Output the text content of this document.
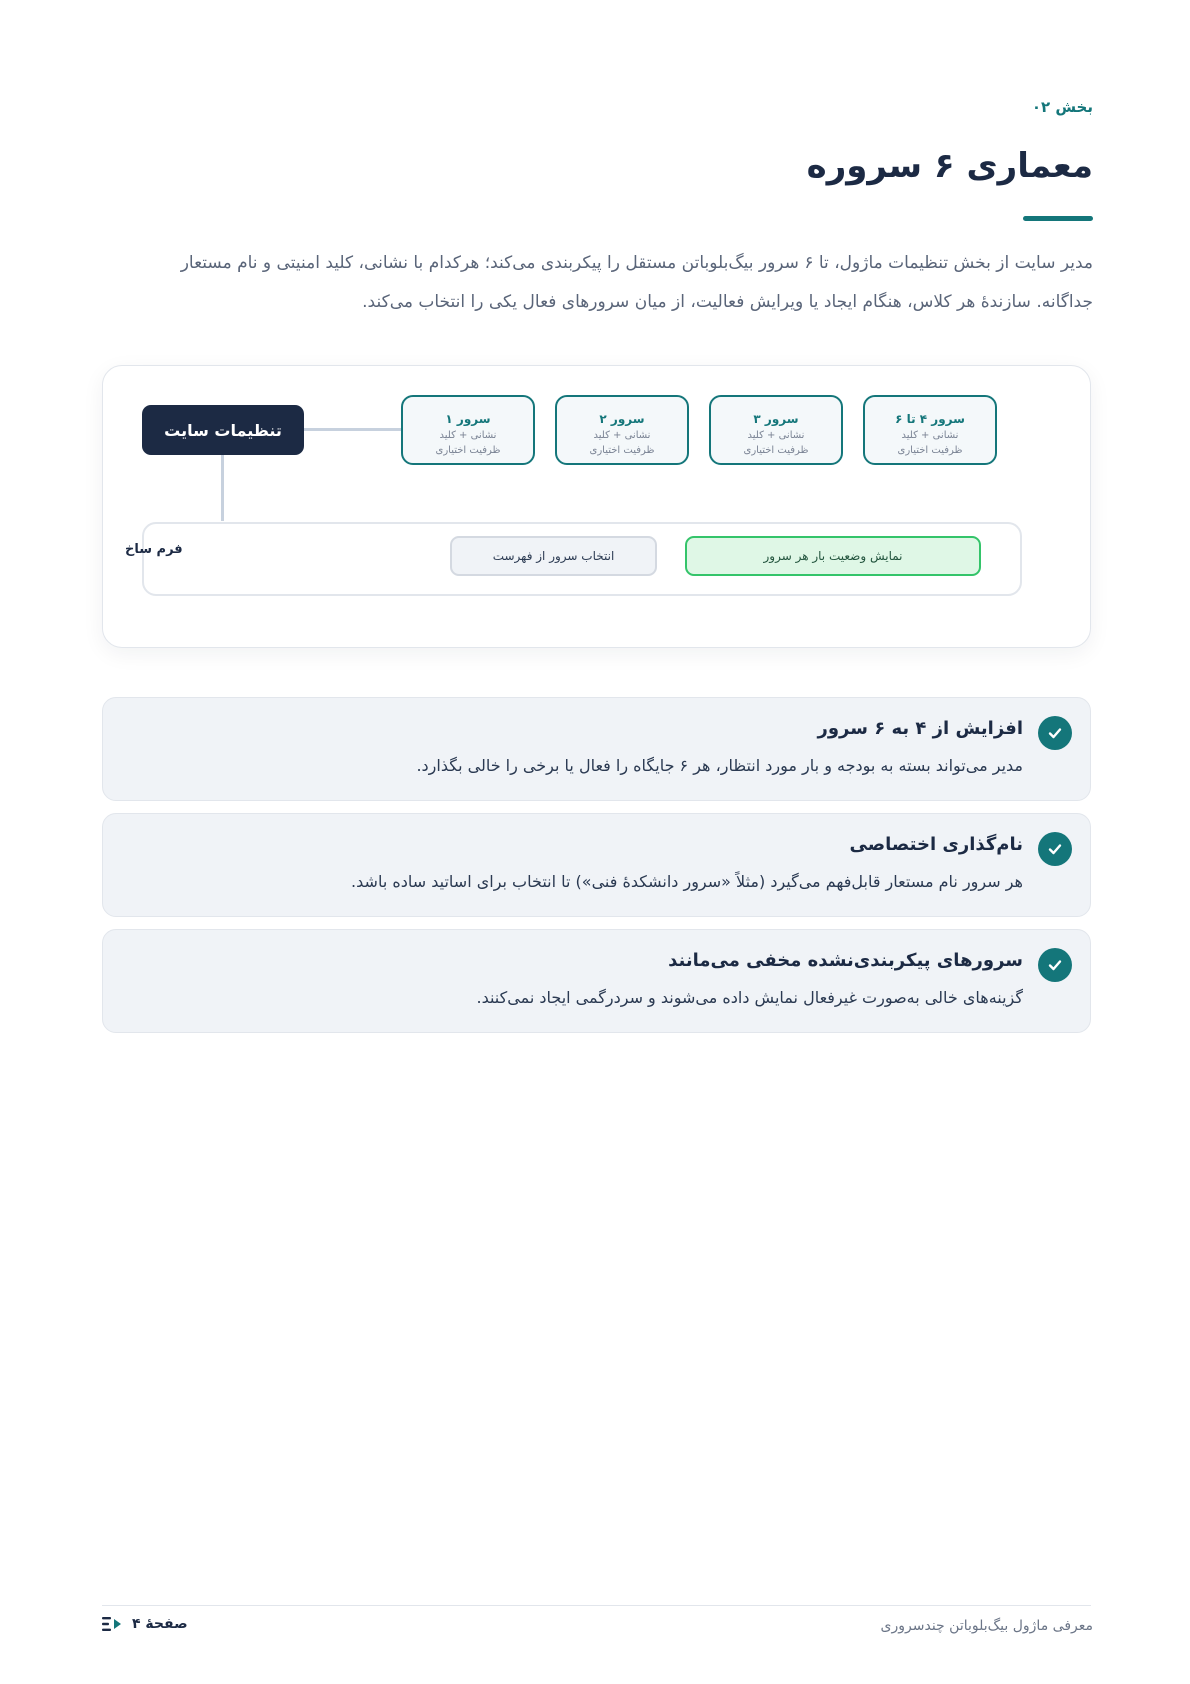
بخش ۰۲
معماری ۶ سروره

مدیر سایت از بخش تنظیمات ماژول، تا ۶ سرور بیگ‌بلوباتن مستقل را پیکربندی می‌کند؛ هرکدام با نشانی، کلید امنیتی و نام مستعار جداگانه. سازندهٔ هر کلاس، هنگام ایجاد یا ویرایش فعالیت، از میان سرورهای فعال یکی را انتخاب می‌کند.

تنظیمات سایت
سرور ۴ تا ۶
نشانی + کلید
ظرفیت اختیاری
سرور ۳
نشانی + کلید
ظرفیت اختیاری
سرور ۲
نشانی + کلید
ظرفیت اختیاری
سرور ۱
نشانی + کلید
ظرفیت اختیاری
فرم ساخ	نمایش وضعیت بار هر سرور
انتخاب سرور از فهرست
افزایش از ۴ به ۶ سرور
مدیر می‌تواند بسته به بودجه و بار مورد انتظار، هر ۶ جایگاه را فعال یا برخی را خالی بگذارد.
نام‌گذاری اختصاصی
هر سرور نام مستعار قابل‌فهم می‌گیرد (مثلاً «سرور دانشکدهٔ فنی») تا انتخاب برای اساتید ساده باشد.
سرورهای پیکربندی‌نشده مخفی می‌مانند
گزینه‌های خالی به‌صورت غیرفعال نمایش داده می‌شوند و سردرگمی ایجاد نمی‌کنند.
معرفی ماژول بیگ‌بلوباتن چندسروری
صفحهٔ ۴
